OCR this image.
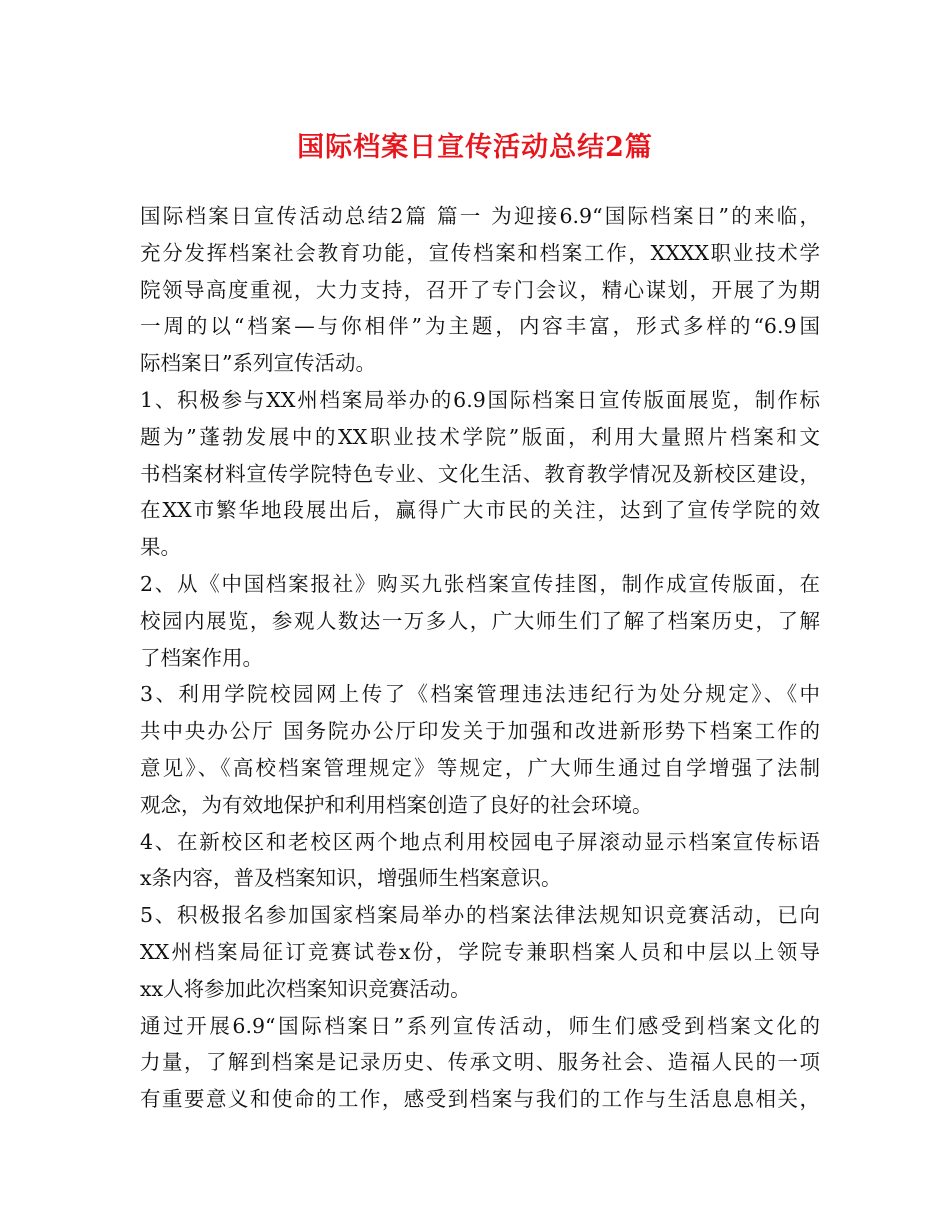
国际档案日宣传活动总结2篇
国际档案日宣传活动总结2篇 篇一 为迎接6.9“国际档案日”的来临，
充分发挥档案社会教育功能，宣传档案和档案工作，XXXX职业技术学
院领导高度重视，大力支持，召开了专门会议，精心谋划，开展了为期
一周的以“档案—与你相伴”为主题，内容丰富，形式多样的“6.9国
际档案日”系列宣传活动。
1、积极参与XX州档案局举办的6.9国际档案日宣传版面展览，制作标
题为”蓬勃发展中的XX职业技术学院”版面，利用大量照片档案和文
书档案材料宣传学院特色专业、文化生活、教育教学情况及新校区建设，
在XX市繁华地段展出后，赢得广大市民的关注，达到了宣传学院的效
果。
2、从《中国档案报社》购买九张档案宣传挂图，制作成宣传版面，在
校园内展览，参观人数达一万多人，广大师生们了解了档案历史，了解
了档案作用。
3、利用学院校园网上传了《档案管理违法违纪行为处分规定》、《中
共中央办公厅 国务院办公厅印发关于加强和改进新形势下档案工作的
意见》、《高校档案管理规定》等规定，广大师生通过自学增强了法制
观念，为有效地保护和利用档案创造了良好的社会环境。
4、在新校区和老校区两个地点利用校园电子屏滚动显示档案宣传标语
x条内容，普及档案知识，增强师生档案意识。
5、积极报名参加国家档案局举办的档案法律法规知识竞赛活动，已向
XX州档案局征订竞赛试卷x份，学院专兼职档案人员和中层以上领导
xx人将参加此次档案知识竞赛活动。
通过开展6.9“国际档案日”系列宣传活动，师生们感受到档案文化的
力量，了解到档案是记录历史、传承文明、服务社会、造福人民的一项
有重要意义和使命的工作，感受到档案与我们的工作与生活息息相关，
